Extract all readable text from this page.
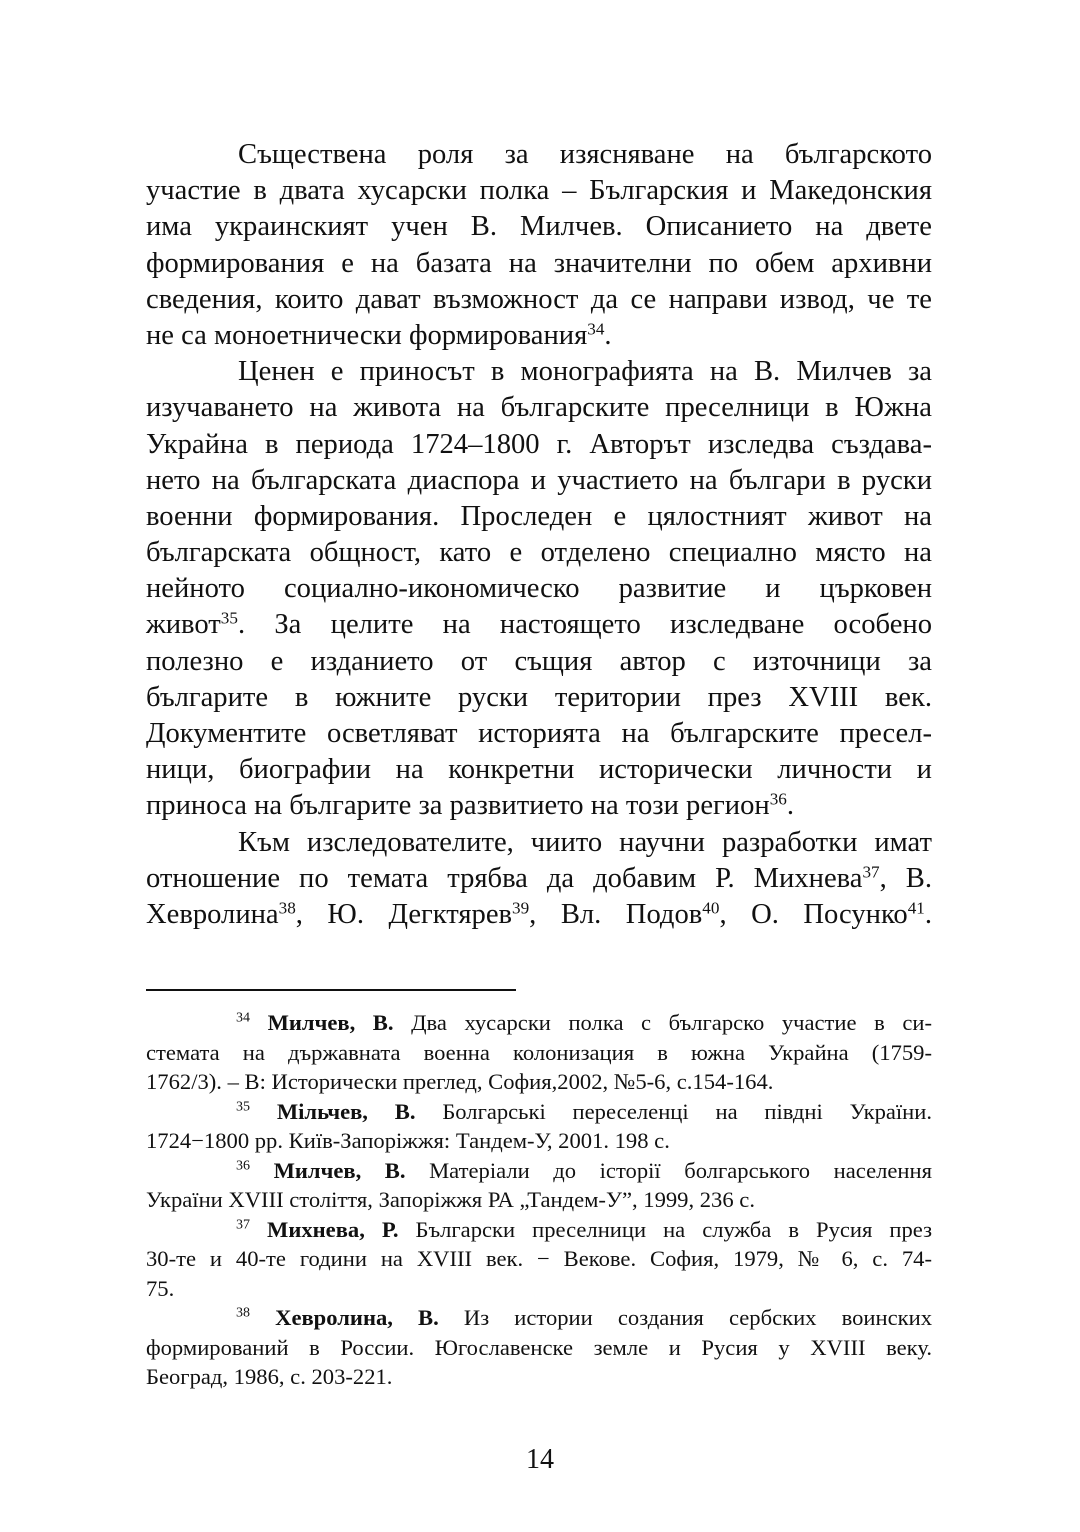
Съществена роля за изясняване на българското
участие в двата хусарски полка – Българския и Македонския
има украинският учен В. Милчев. Описанието на двете
формирования е на базата на значителни по обем архивни
сведения, които дават възможност да се направи извод, че те
не са моноетнически формирования$^{34}$.
Ценен е приносът в монографията на В. Милчев за
изучаването на живота на българските преселници в Южна
Украйна в периода 1724–1800 г. Авторът изследва създава-
нето на българската диаспора и участието на българи в руски
военни формирования. Проследен е цялостният живот на
българската общност, като е отделено специално място на
нейното социално-икономическо развитие и църковен
живот$^{35}$. За целите на настоящето изследване особено
полезно е изданието от същия автор с източници за
българите в южните руски територии през XVIII век.
Документите осветляват историята на българските пресел-
ници, биографии на конкретни исторически личности и
приноса на българите за развитието на този регион$^{36}$.
Към изследователите, чиито научни разработки имат
отношение по темата трябва да добавим Р. Михнева$^{37}$, В.
Хевролина$^{38}$, Ю. Дегктярев$^{39}$, Вл. Подов$^{40}$, О. Посунко$^{41}$.
$^{34}$ Милчев, В. Два хусарски полка с българско участие в си-
стемата на държавната военна колонизация в южна Украйна (1759-
1762/3). – В: Исторически преглед, София,2002, №5-6, с.154-164.
$^{35}$ Мільчев, В. Болгарські переселенці на півдні України.
1724−1800 рр. Київ-Запоріжжя: Тандем-У, 2001. 198 с.
$^{36}$ Милчев, В. Матеріали до історії болгарського населення
України XVIII століття, Запоріжжя РА „Тандем-У”, 1999, 236 с.
$^{37}$ Михнева, Р. Български преселници на служба в Русия през
30-те и 40-те години на XVIII век. − Векове. София, 1979, № 6, с. 74-
75.
$^{38}$ Хевролина, В. Из истории создания сербских воинских
формирований в России. Югославенске земле и Русия у XVIII веку.
Београд, 1986, с. 203-221.
14
